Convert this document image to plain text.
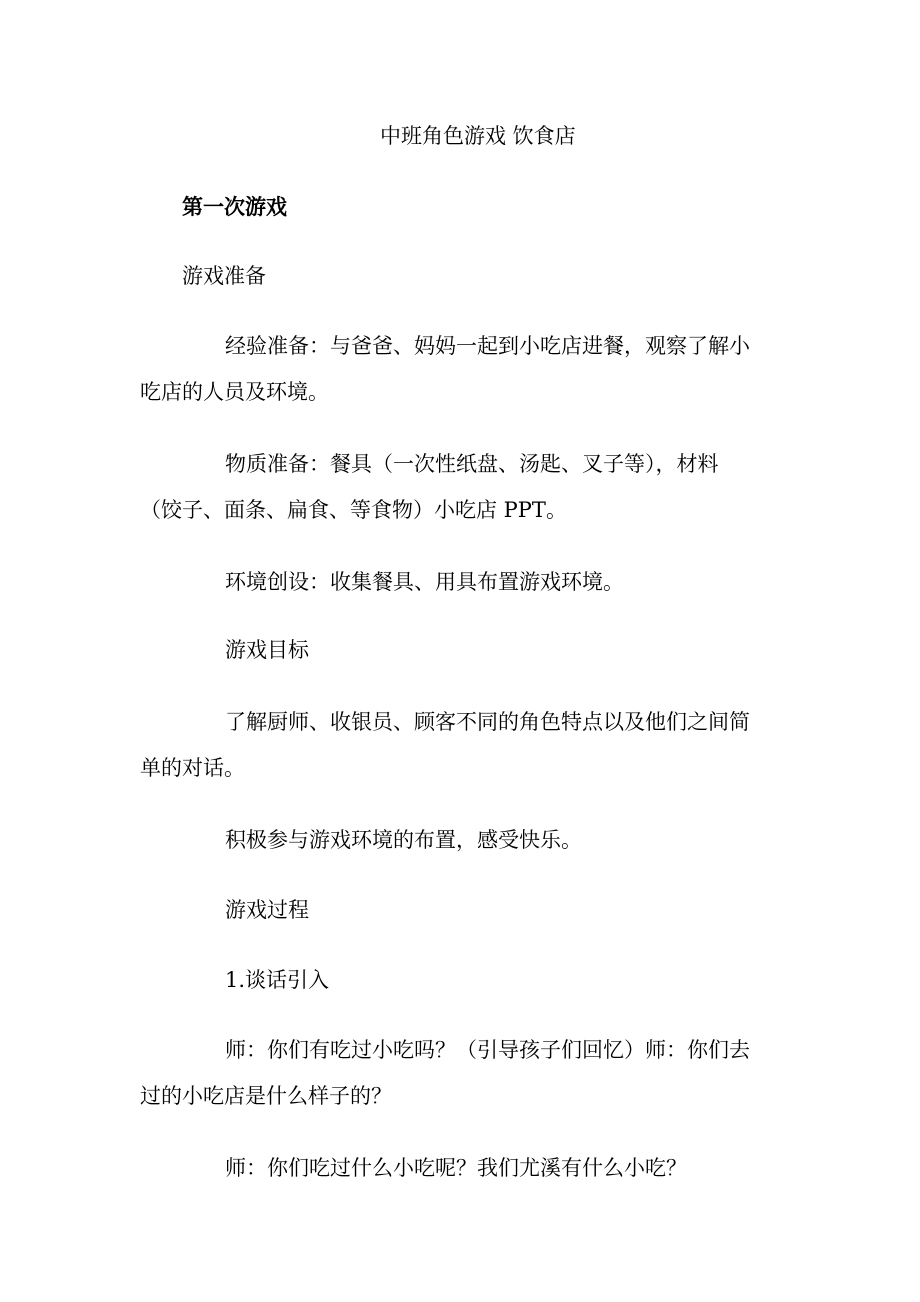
中班角色游戏 饮食店
第一次游戏
游戏准备
经验准备：与爸爸、妈妈一起到小吃店进餐，观察了解小
吃店的人员及环境。
物质准备：餐具（一次性纸盘、汤匙、叉子等），材料
（饺子、面条、扁食、等食物）小吃店 PPT。
环境创设：收集餐具、用具布置游戏环境。
游戏目标
了解厨师、收银员、顾客不同的角色特点以及他们之间简
单的对话。
积极参与游戏环境的布置，感受快乐。
游戏过程
1.谈话引入
师：你们有吃过小吃吗？（引导孩子们回忆）师：你们去
过的小吃店是什么样子的？
师：你们吃过什么小吃呢？我们尤溪有什么小吃？
